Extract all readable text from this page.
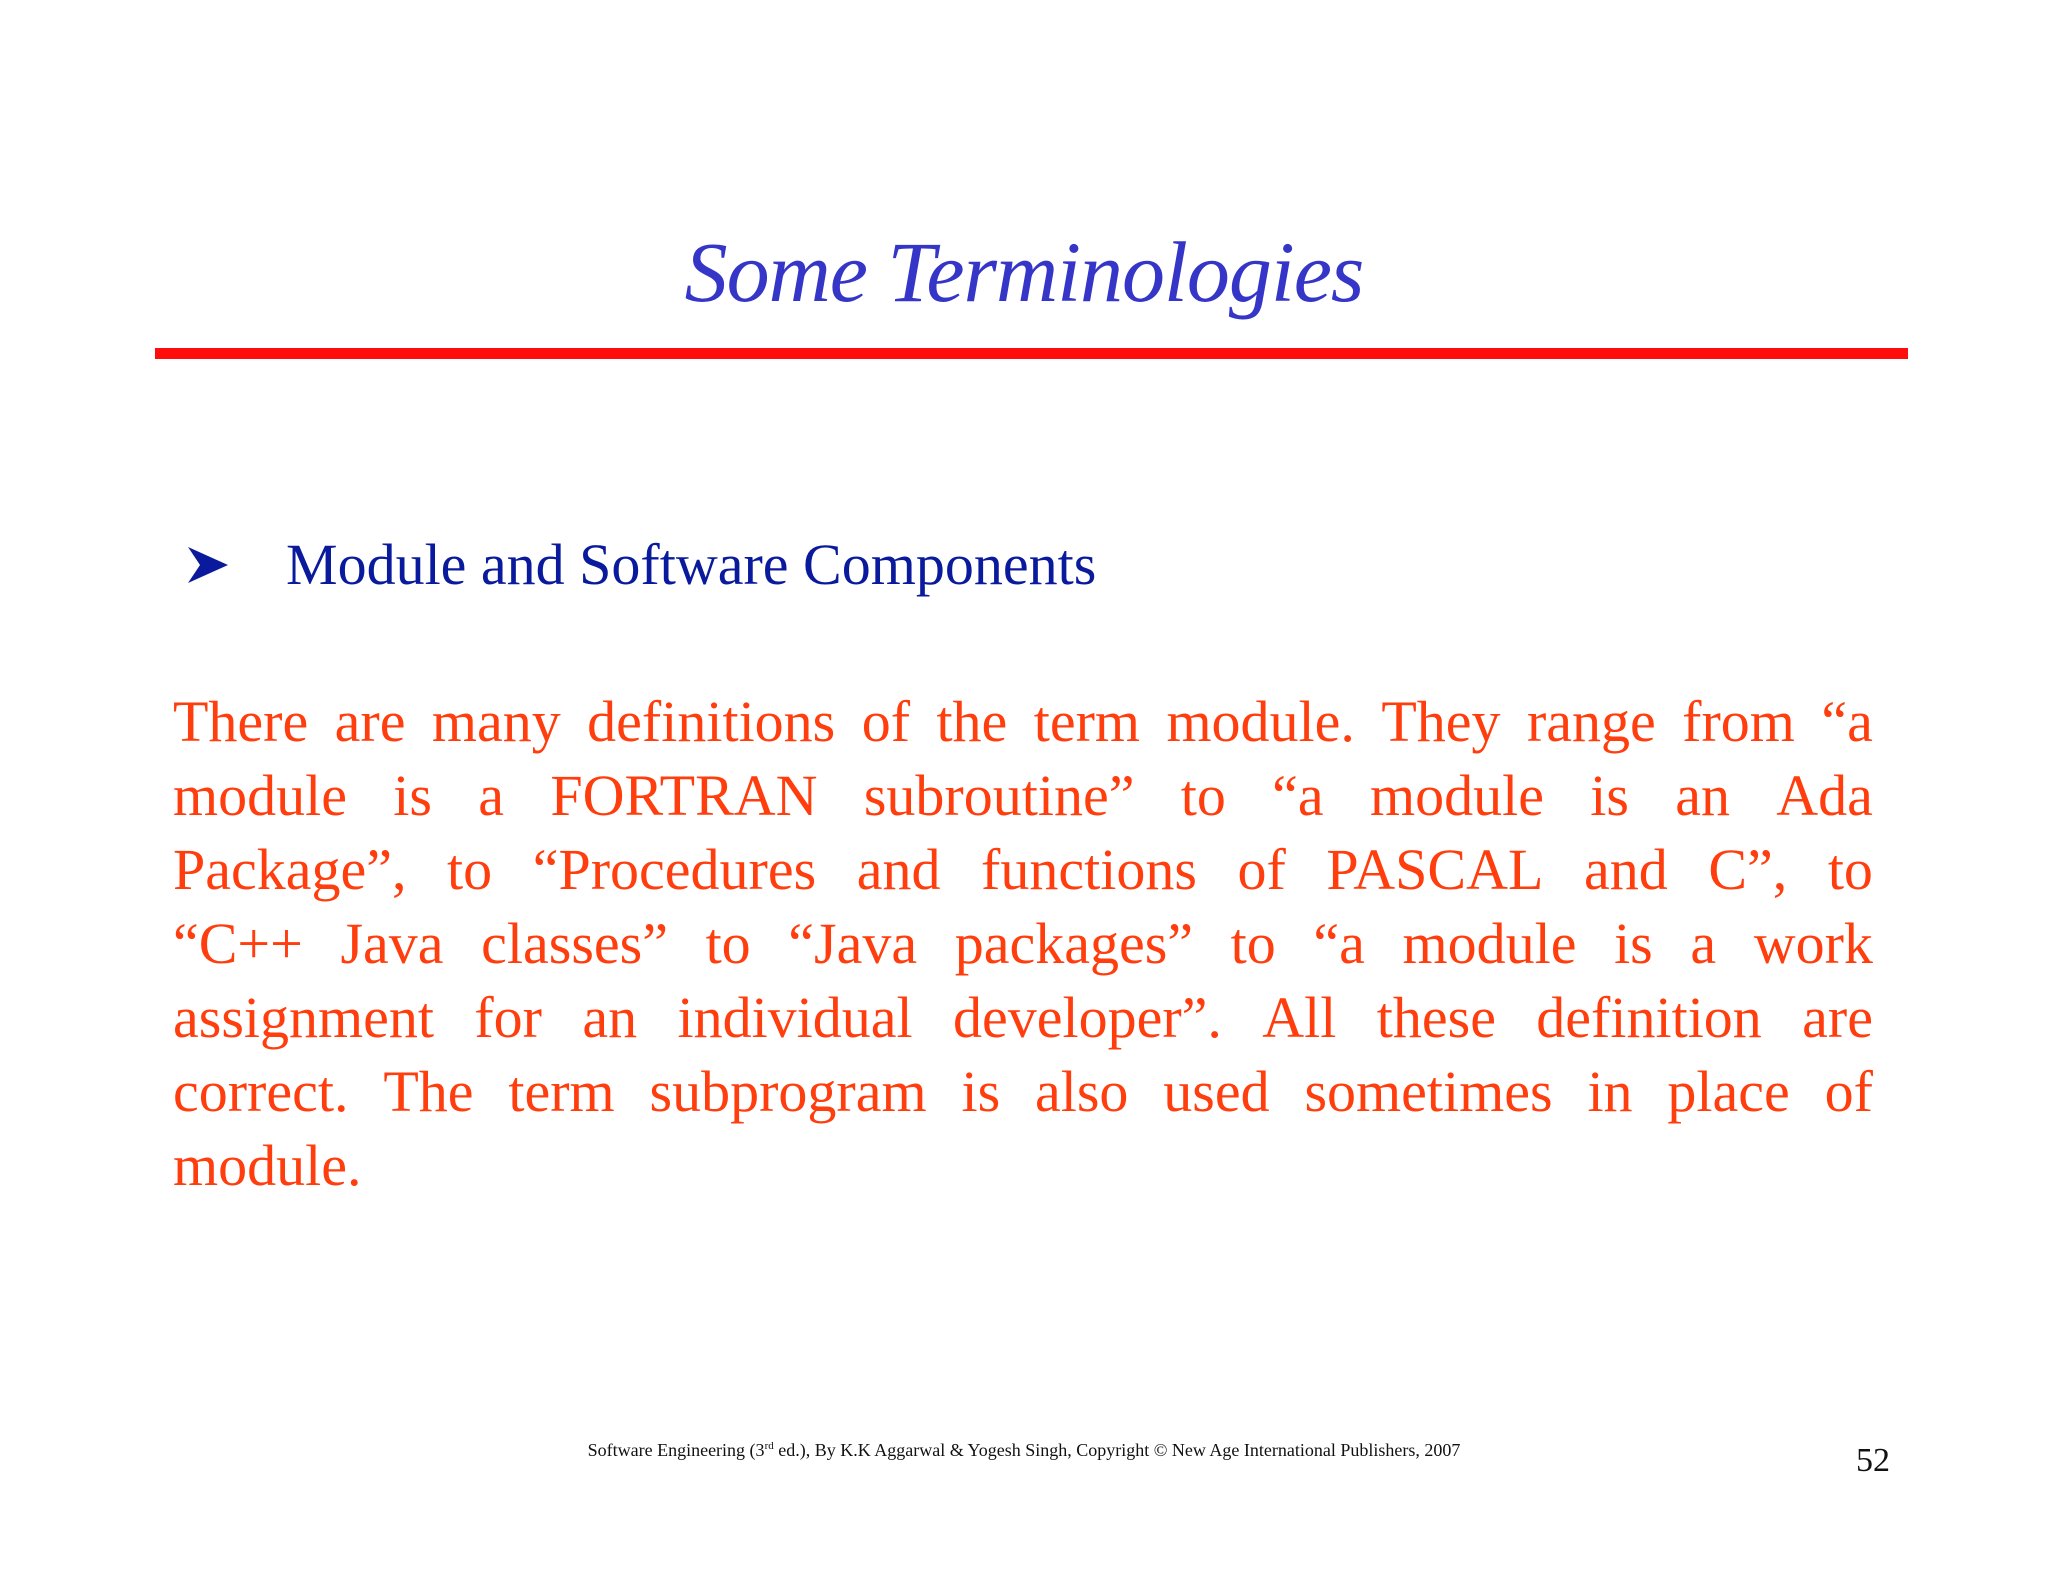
Some Terminologies
Module and Software Components
There are many definitions of the term module. They range from “a
module is a FORTRAN subroutine” to “a module is an Ada
Package”, to “Procedures and functions of PASCAL and C”, to
“C++ Java classes” to “Java packages” to “a module is a work
assignment for an individual developer”. All these definition are
correct. The term subprogram is also used sometimes in place of
module.
Software Engineering (3rd ed.), By K.K Aggarwal & Yogesh Singh, Copyright © New Age International Publishers, 2007	52
